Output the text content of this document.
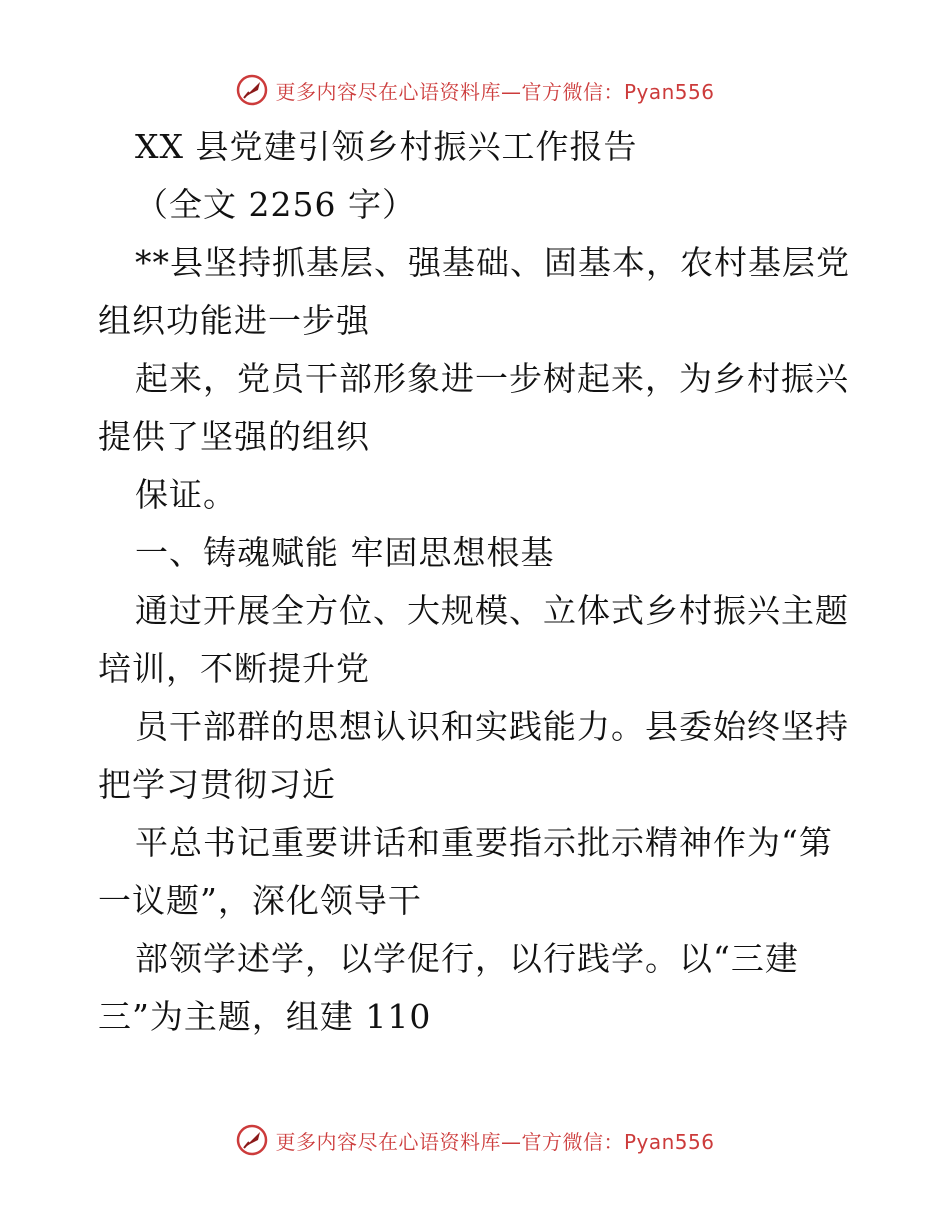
更多内容尽在心语资料库—官方微信：Pyan556
XX 县党建引领乡村振兴工作报告
（全文 2256 字）
**县坚持抓基层、强基础、固基本，农村基层党
组织功能进一步强
起来，党员干部形象进一步树起来，为乡村振兴
提供了坚强的组织
保证。
一、铸魂赋能 牢固思想根基
通过开展全方位、大规模、立体式乡村振兴主题
培训，不断提升党
员干部群的思想认识和实践能力。县委始终坚持
把学习贯彻习近
平总书记重要讲话和重要指示批示精神作为“第
一议题”，深化领导干
部领学述学，以学促行，以行践学。以“三建
三”为主题，组建 110
更多内容尽在心语资料库—官方微信：Pyan556
